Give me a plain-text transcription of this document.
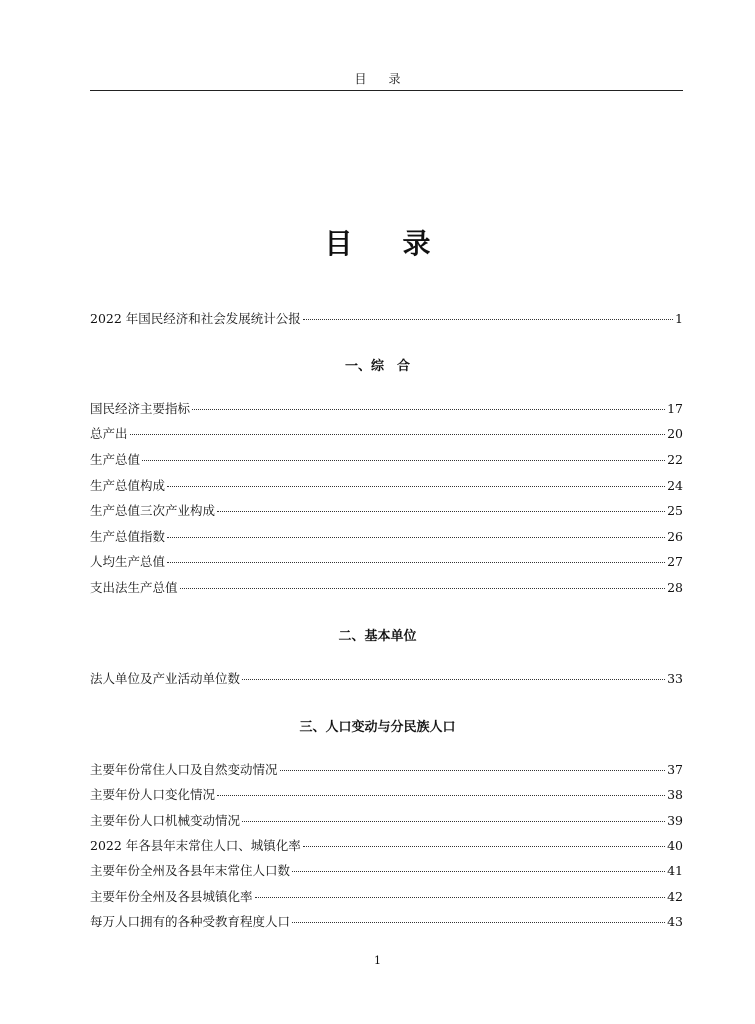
目 录
目 录
2022 年国民经济和社会发展统计公报	1
一、综　合
国民经济主要指标	17
总产出	20
生产总值	22
生产总值构成	24
生产总值三次产业构成	25
生产总值指数	26
人均生产总值	27
支出法生产总值	28
二、基本单位
法人单位及产业活动单位数	33
三、人口变动与分民族人口
主要年份常住人口及自然变动情况	37
主要年份人口变化情况	38
主要年份人口机械变动情况	39
2022 年各县年末常住人口、城镇化率	40
主要年份全州及各县年末常住人口数	41
主要年份全州及各县城镇化率	42
每万人口拥有的各种受教育程度人口	43
1
